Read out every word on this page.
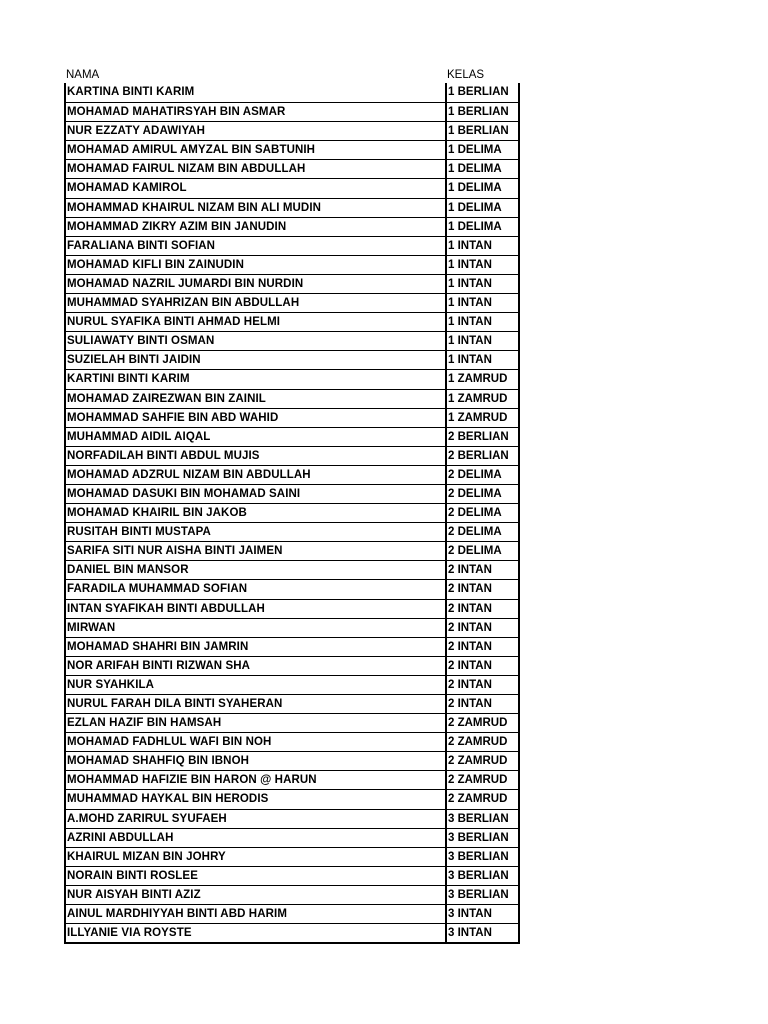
NAMA	KELAS
KARTINA BINTI KARIM	1 BERLIAN
MOHAMAD MAHATIRSYAH BIN ASMAR	1 BERLIAN
NUR EZZATY ADAWIYAH	1 BERLIAN
MOHAMAD AMIRUL AMYZAL BIN SABTUNIH	1 DELIMA
MOHAMAD FAIRUL NIZAM BIN ABDULLAH	1 DELIMA
MOHAMAD KAMIROL	1 DELIMA
MOHAMMAD KHAIRUL NIZAM BIN ALI MUDIN	1 DELIMA
MOHAMMAD ZIKRY AZIM BIN JANUDIN	1 DELIMA
FARALIANA BINTI SOFIAN	1 INTAN
MOHAMAD KIFLI BIN ZAINUDIN	1 INTAN
MOHAMAD NAZRIL JUMARDI BIN NURDIN	1 INTAN
MUHAMMAD SYAHRIZAN BIN ABDULLAH	1 INTAN
NURUL SYAFIKA BINTI AHMAD HELMI	1 INTAN
SULIAWATY BINTI OSMAN	1 INTAN
SUZIELAH BINTI JAIDIN	1 INTAN
KARTINI BINTI KARIM	1 ZAMRUD
MOHAMAD ZAIREZWAN BIN ZAINIL	1 ZAMRUD
MOHAMMAD SAHFIE BIN ABD WAHID	1 ZAMRUD
MUHAMMAD AIDIL AIQAL	2 BERLIAN
NORFADILAH BINTI ABDUL MUJIS	2 BERLIAN
MOHAMAD ADZRUL NIZAM BIN ABDULLAH	2 DELIMA
MOHAMAD DASUKI BIN MOHAMAD SAINI	2 DELIMA
MOHAMAD KHAIRIL BIN JAKOB	2 DELIMA
RUSITAH BINTI MUSTAPA	2 DELIMA
SARIFA SITI NUR AISHA BINTI JAIMEN	2 DELIMA
DANIEL BIN MANSOR	2 INTAN
FARADILA MUHAMMAD SOFIAN	2 INTAN
INTAN SYAFIKAH BINTI ABDULLAH	2 INTAN
MIRWAN	2 INTAN
MOHAMAD SHAHRI BIN JAMRIN	2 INTAN
NOR ARIFAH BINTI RIZWAN SHA	2 INTAN
NUR SYAHKILA	2 INTAN
NURUL FARAH DILA BINTI SYAHERAN	2 INTAN
EZLAN HAZIF BIN HAMSAH	2 ZAMRUD
MOHAMAD FADHLUL WAFI BIN NOH	2 ZAMRUD
MOHAMAD SHAHFIQ BIN IBNOH	2 ZAMRUD
MOHAMMAD HAFIZIE BIN HARON @ HARUN	2 ZAMRUD
MUHAMMAD HAYKAL BIN HERODIS	2 ZAMRUD
A.MOHD ZARIRUL SYUFAEH	3 BERLIAN
AZRINI ABDULLAH	3 BERLIAN
KHAIRUL MIZAN BIN JOHRY	3 BERLIAN
NORAIN BINTI ROSLEE	3 BERLIAN
NUR AISYAH BINTI AZIZ	3 BERLIAN
AINUL MARDHIYYAH BINTI ABD HARIM	3 INTAN
ILLYANIE VIA ROYSTE	3 INTAN
